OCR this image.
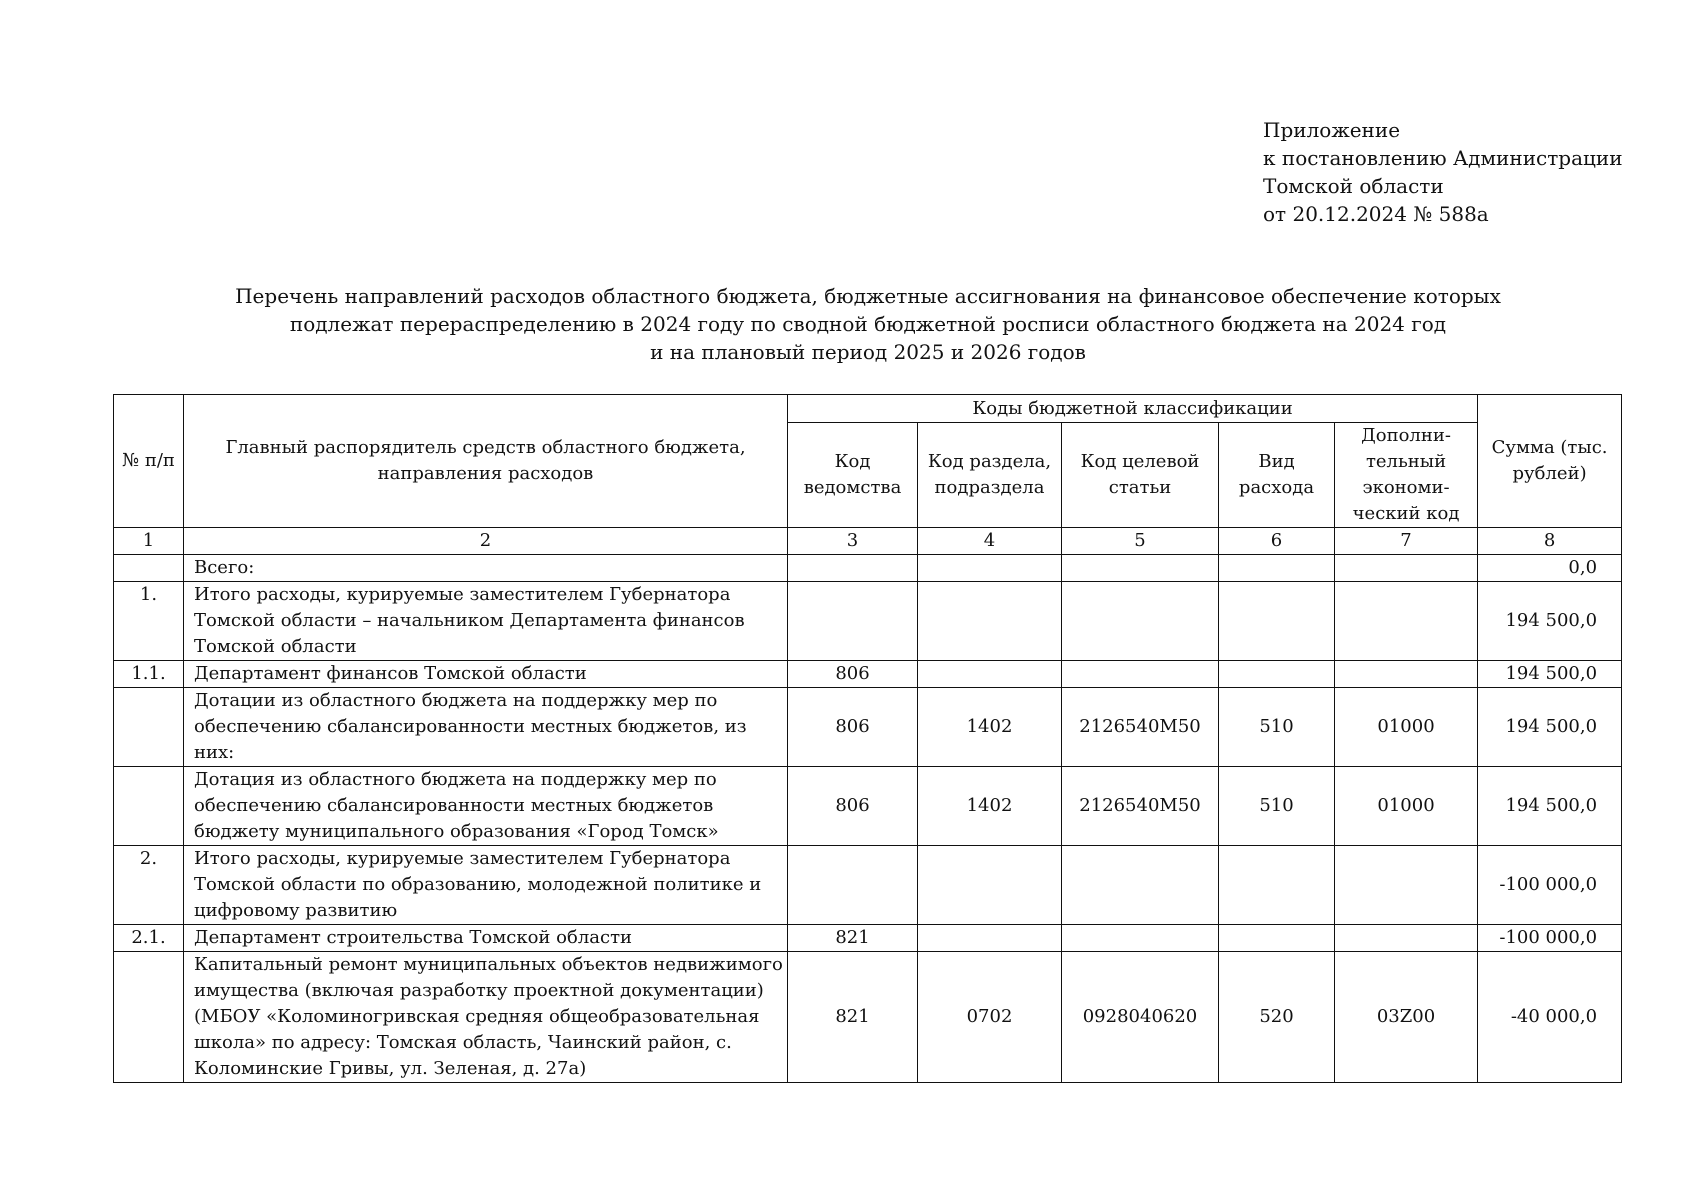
Приложение
к постановлению Администрации
Томской области
от 20.12.2024 № 588а
Перечень направлений расходов областного бюджета, бюджетные ассигнования на финансовое обеспечение которых
подлежат перераспределению в 2024 году по сводной бюджетной росписи областного бюджета на 2024 год
и на плановый период 2025 и 2026 годов
№ п/п	Главный распорядитель средств областного бюджета, направления расходов	Коды бюджетной классификации					Сумма (тыс. рублей)
		Код ведомства	Код раздела, подраздела	Код целевой статьи	Вид расхода	Дополни-тельный экономи-ческий код	
1	2	3	4	5	6	7	8
	Всего:						0,0
1.	Итого расходы, курируемые заместителем Губернатора Томской области – начальником Департамента финансов Томской области						194 500,0
1.1.	Департамент финансов Томской области	806					194 500,0
	Дотации из областного бюджета на поддержку мер по обеспечению сбалансированности местных бюджетов, из них:	806	1402	2126540М50	510	01000	194 500,0
	Дотация из областного бюджета на поддержку мер по обеспечению сбалансированности местных бюджетов бюджету муниципального образования «Город Томск»	806	1402	2126540М50	510	01000	194 500,0
2.	Итого расходы, курируемые заместителем Губернатора Томской области по образованию, молодежной политике и цифровому развитию						-100 000,0
2.1.	Департамент строительства Томской области	821					-100 000,0
	Капитальный ремонт муниципальных объектов недвижимого имущества (включая разработку проектной документации) (МБОУ «Коломиногривская средняя общеобразовательная школа» по адресу: Томская область, Чаинский район, с. Коломинские Гривы, ул. Зеленая, д. 27а)	821	0702	0928040620	520	03Z00	-40 000,0
